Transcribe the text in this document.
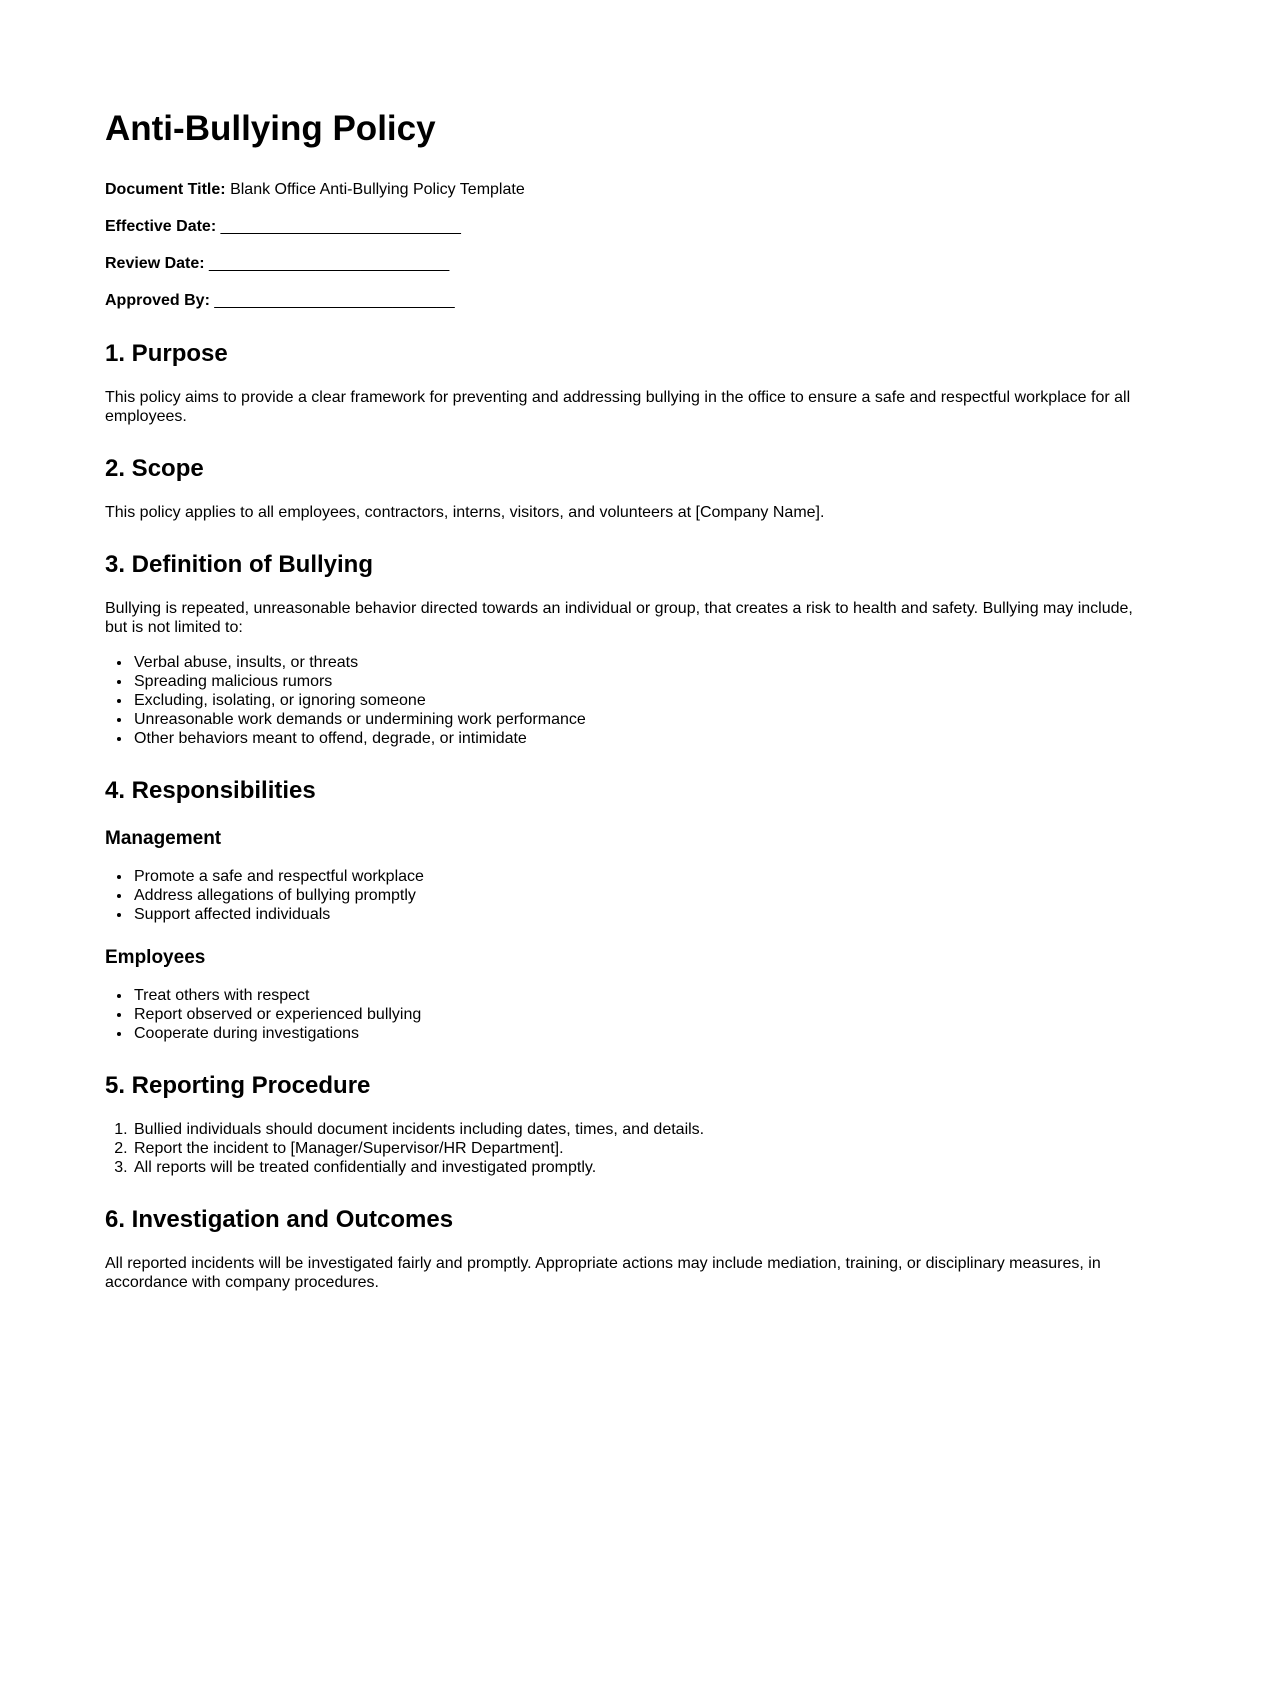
Anti-Bullying Policy

Document Title: Blank Office Anti-Bullying Policy Template

Effective Date: ___________________________

Review Date: ___________________________

Approved By: ___________________________

1. Purpose

This policy aims to provide a clear framework for preventing and addressing bullying in the office to ensure a safe and respectful workplace for all employees.

2. Scope

This policy applies to all employees, contractors, interns, visitors, and volunteers at [Company Name].

3. Definition of Bullying

Bullying is repeated, unreasonable behavior directed towards an individual or group, that creates a risk to health and safety. Bullying may include, but is not limited to:

• Verbal abuse, insults, or threats
• Spreading malicious rumors
• Excluding, isolating, or ignoring someone
• Unreasonable work demands or undermining work performance
• Other behaviors meant to offend, degrade, or intimidate
4. Responsibilities
Management
• Promote a safe and respectful workplace
• Address allegations of bullying promptly
• Support affected individuals
Employees
• Treat others with respect
• Report observed or experienced bullying
• Cooperate during investigations
5. Reporting Procedure
1. Bullied individuals should document incidents including dates, times, and details.
2. Report the incident to [Manager/Supervisor/HR Department].
3. All reports will be treated confidentially and investigated promptly.
6. Investigation and Outcomes

All reported incidents will be investigated fairly and promptly. Appropriate actions may include mediation, training, or disciplinary measures, in accordance with company procedures.
